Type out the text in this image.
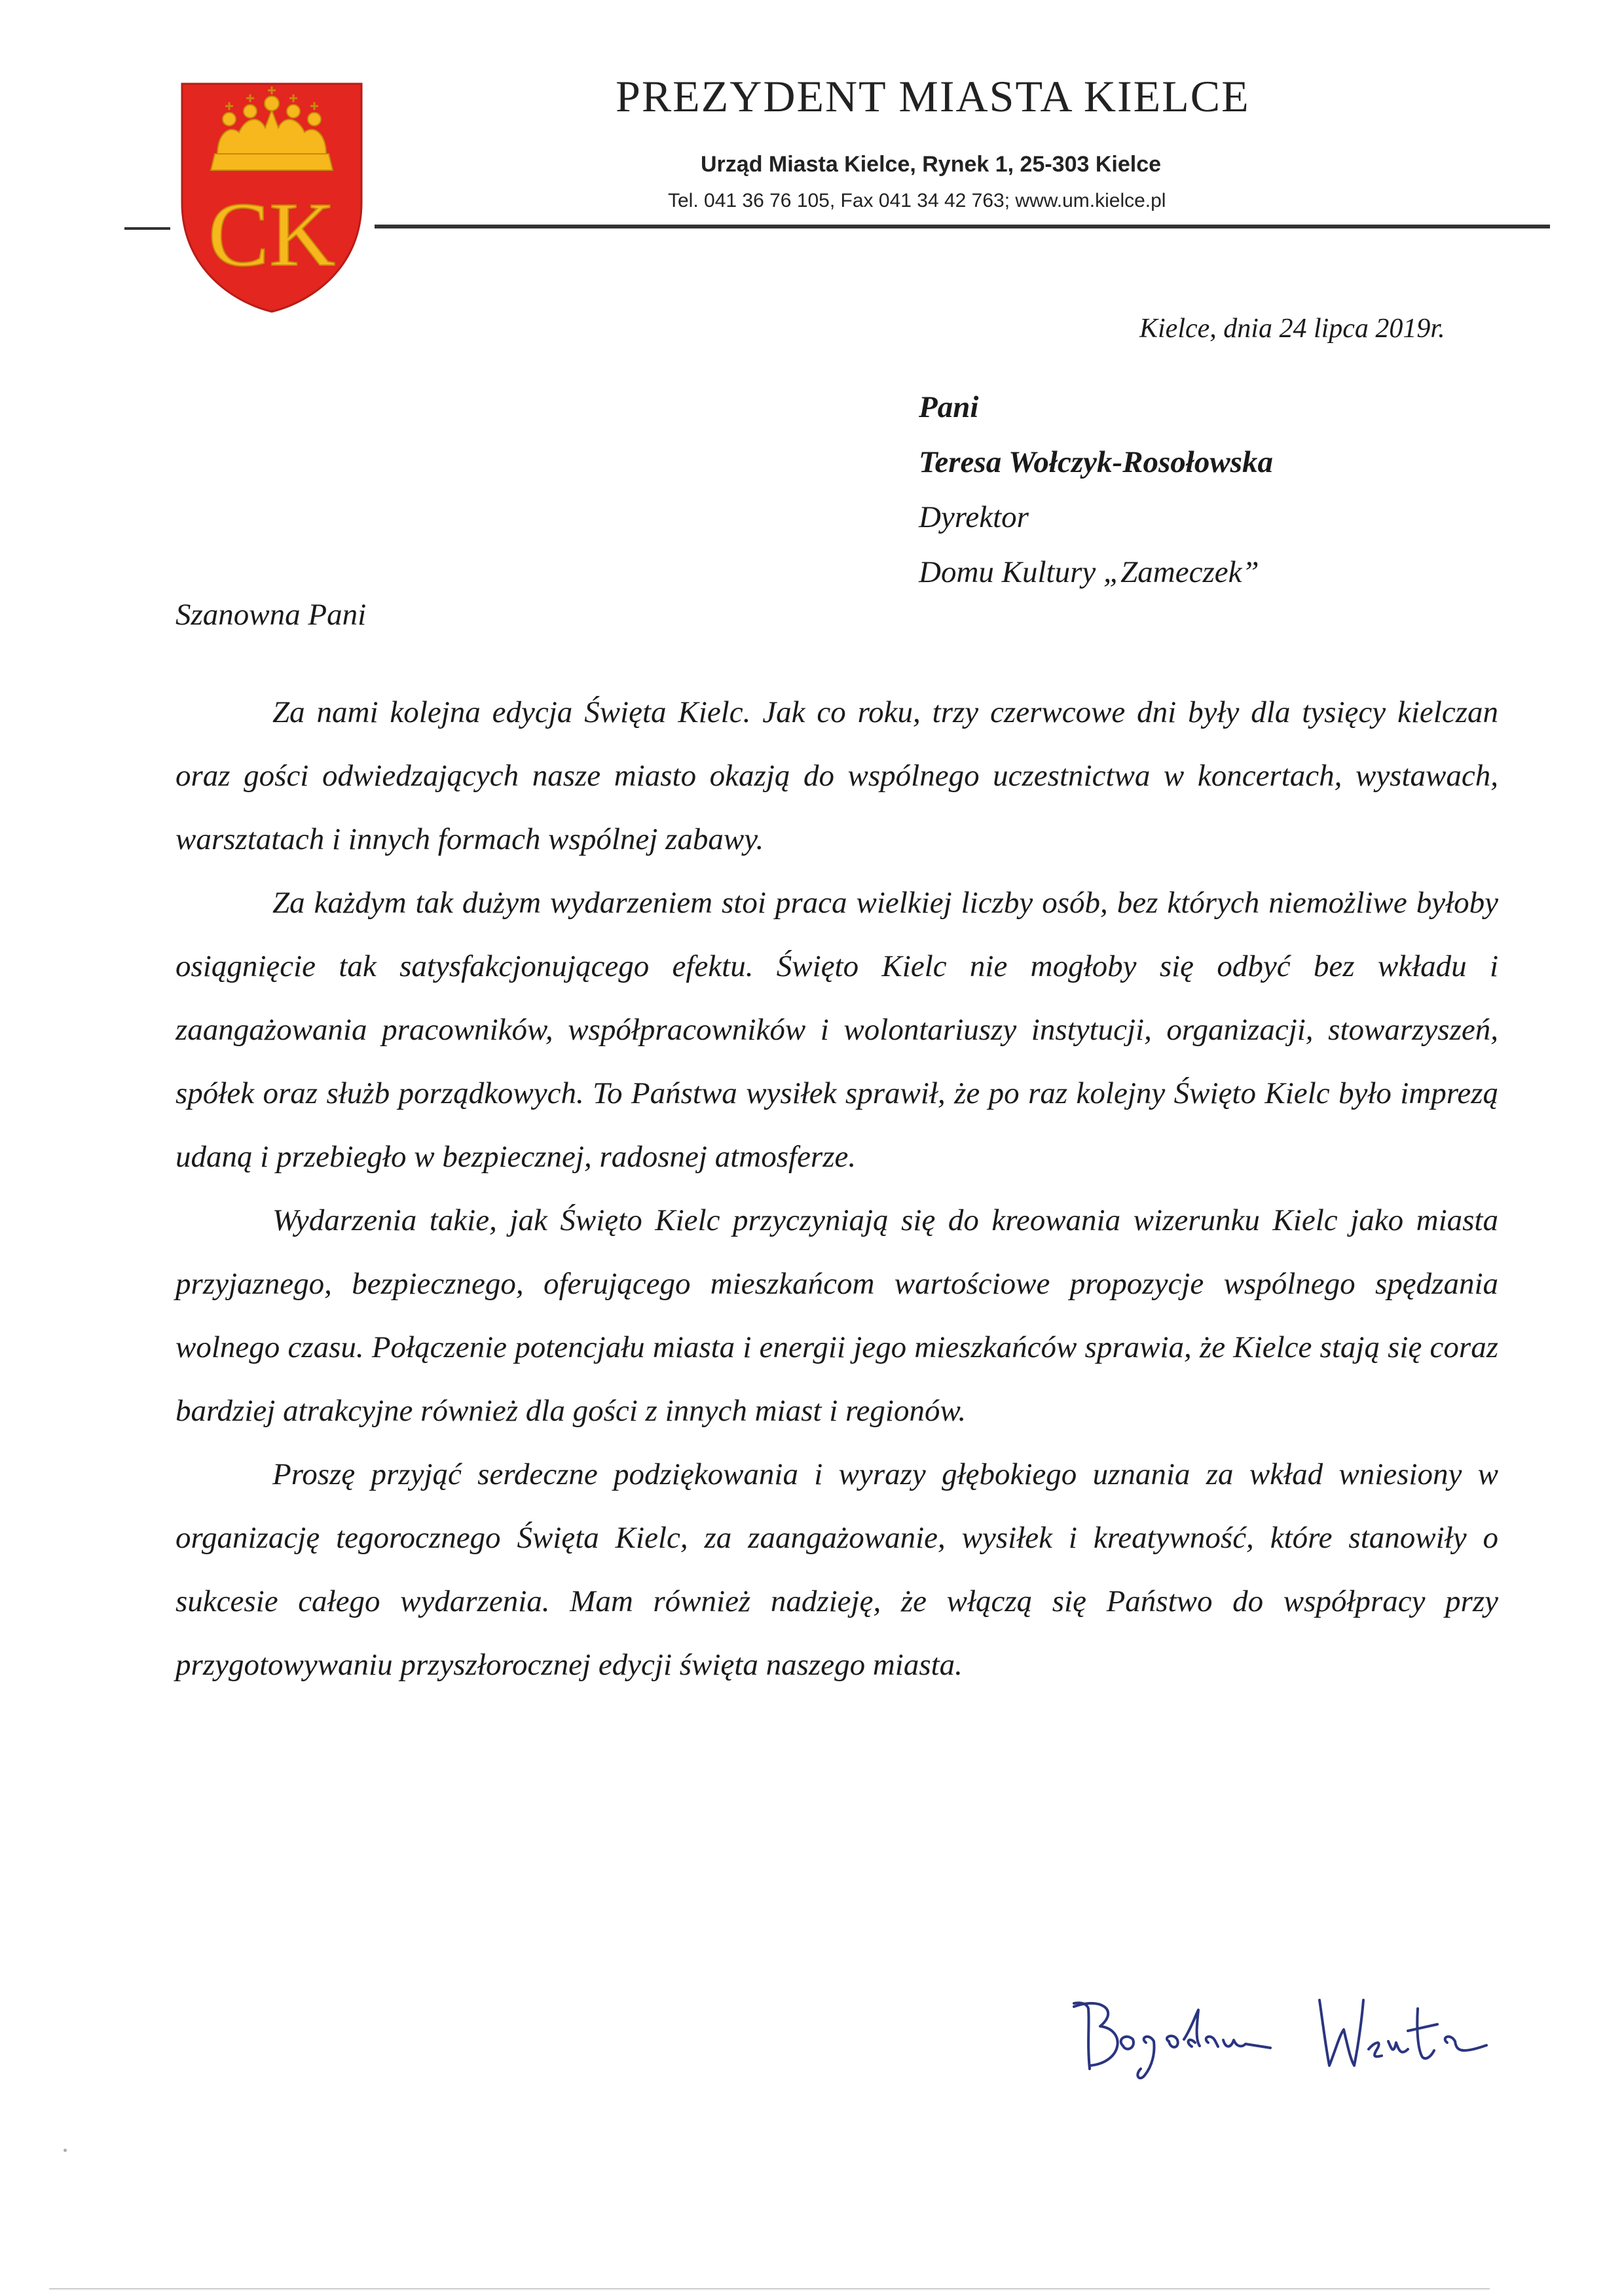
CK
PREZYDENT MIASTA KIELCE
Urząd Miasta Kielce, Rynek 1, 25-303 Kielce
Tel. 041 36 76 105, Fax 041 34 42 763; www.um.kielce.pl
Kielce, dnia 24 lipca 2019r.
Pani
Teresa Wołczyk-Rosołowska
Dyrektor
Domu Kultury „Zameczek”
Szanowna Pani

Za nami kolejna edycja Święta Kielc. Jak co roku, trzy czerwcowe dni były dla tysięcy kielczan oraz gości odwiedzających nasze miasto okazją do wspólnego uczestnictwa w koncertach, wystawach, warsztatach i innych formach wspólnej zabawy.

Za każdym tak dużym wydarzeniem stoi praca wielkiej liczby osób, bez których niemożliwe byłoby osiągnięcie tak satysfakcjonującego efektu. Święto Kielc nie mogłoby się odbyć bez wkładu i zaangażowania pracowników, współpracowników i wolontariuszy instytucji, organizacji, stowarzyszeń, spółek oraz służb porządkowych. To Państwa wysiłek sprawił, że po raz kolejny Święto Kielc było imprezą udaną i przebiegło w bezpiecznej, radosnej atmosferze.

Wydarzenia takie, jak Święto Kielc przyczyniają się do kreowania wizerunku Kielc jako miasta przyjaznego, bezpiecznego, oferującego mieszkańcom wartościowe propozycje wspólnego spędzania wolnego czasu. Połączenie potencjału miasta i energii jego mieszkańców sprawia, że Kielce stają się coraz bardziej atrakcyjne również dla gości z innych miast i regionów.

Proszę przyjąć serdeczne podziękowania i wyrazy głębokiego uznania za wkład wniesiony w organizację tegorocznego Święta Kielc, za zaangażowanie, wysiłek i kreatywność, które stanowiły o sukcesie całego wydarzenia. Mam również nadzieję, że włączą się Państwo do współpracy przy przygotowywaniu przyszłorocznej edycji święta naszego miasta.
